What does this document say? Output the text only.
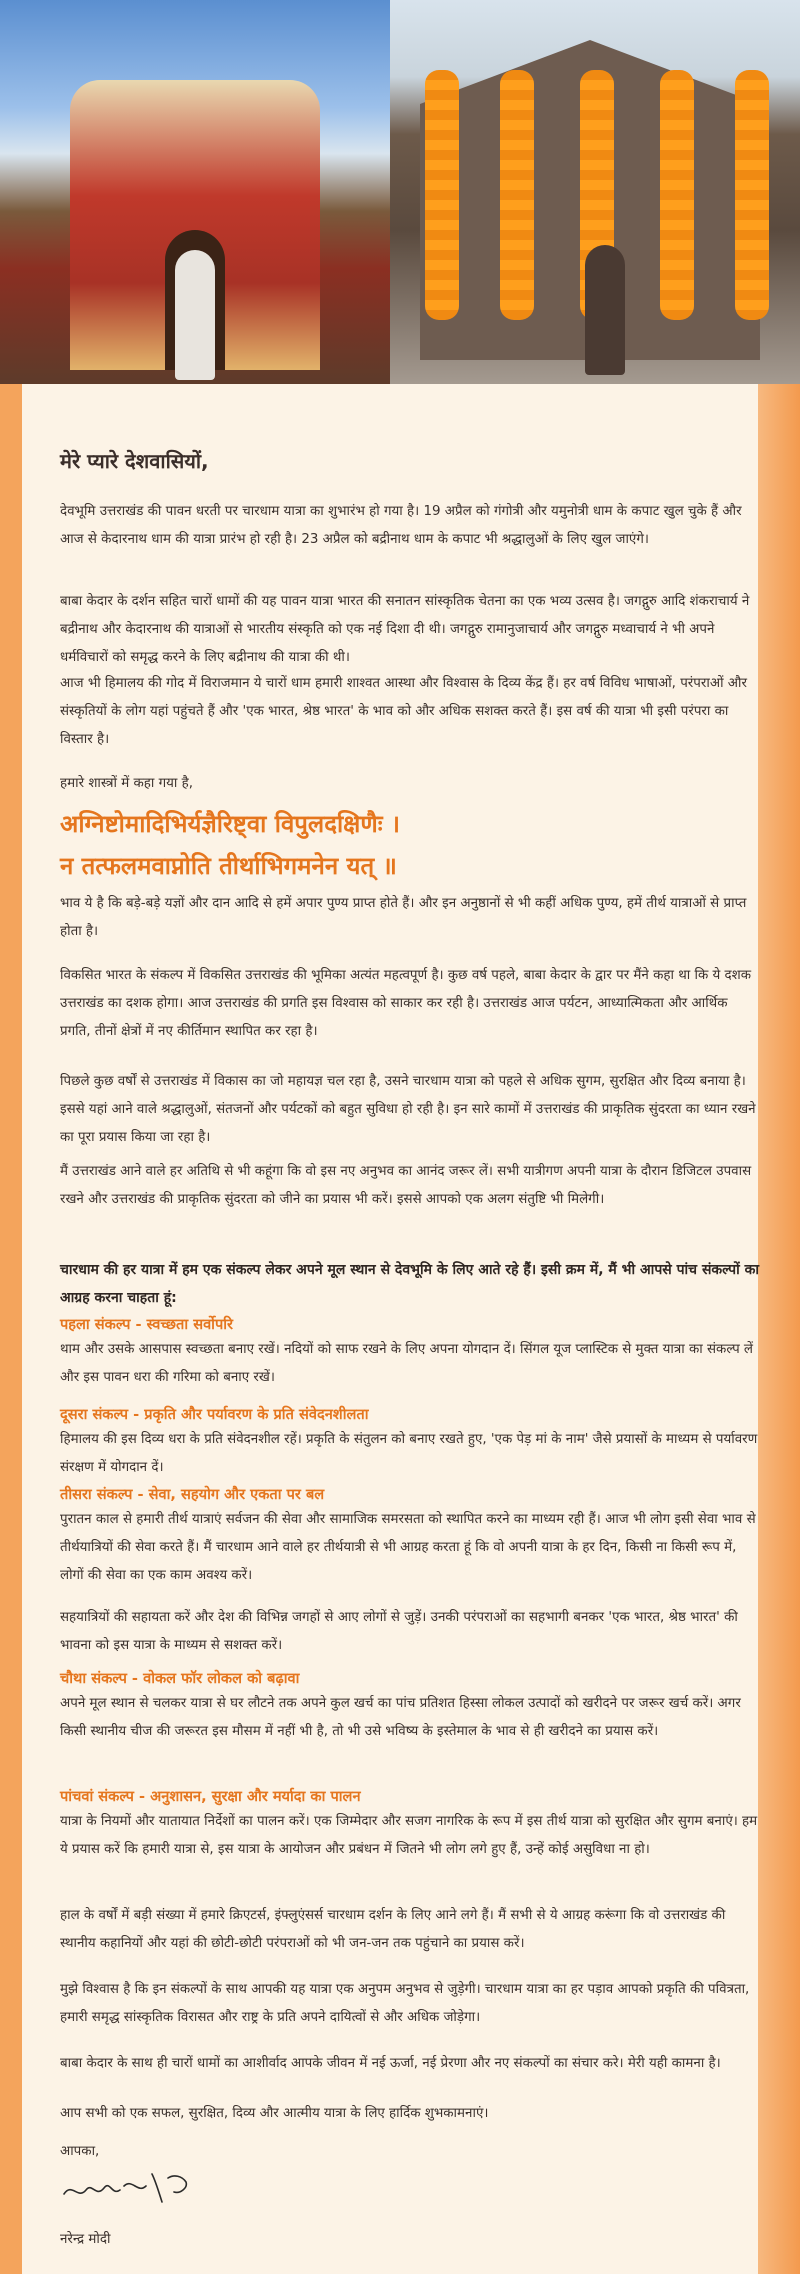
मेरे प्यारे देशवासियों,

देवभूमि उत्तराखंड की पावन धरती पर चारधाम यात्रा का शुभारंभ हो गया है। 19 अप्रैल को गंगोत्री और यमुनोत्री धाम के कपाट खुल चुके हैं और आज से केदारनाथ धाम की यात्रा प्रारंभ हो रही है। 23 अप्रैल को बद्रीनाथ धाम के कपाट भी श्रद्धालुओं के लिए खुल जाएंगे।

बाबा केदार के दर्शन सहित चारों धामों की यह पावन यात्रा भारत की सनातन सांस्कृतिक चेतना का एक भव्य उत्सव है। जगद्गुरु आदि शंकराचार्य ने बद्रीनाथ और केदारनाथ की यात्राओं से भारतीय संस्कृति को एक नई दिशा दी थी। जगद्गुरु रामानुजाचार्य और जगद्गुरु मध्वाचार्य ने भी अपने धर्मविचारों को समृद्ध करने के लिए बद्रीनाथ की यात्रा की थी।

आज भी हिमालय की गोद में विराजमान ये चारों धाम हमारी शाश्वत आस्था और विश्वास के दिव्य केंद्र हैं। हर वर्ष विविध भाषाओं, परंपराओं और संस्कृतियों के लोग यहां पहुंचते हैं और 'एक भारत, श्रेष्ठ भारत' के भाव को और अधिक सशक्त करते हैं। इस वर्ष की यात्रा भी इसी परंपरा का विस्तार है।

हमारे शास्त्रों में कहा गया है,

अग्निष्टोमादिभिर्यज्ञैरिष्ट्वा विपुलदक्षिणैः ।
न तत्फलमवाप्नोति तीर्थाभिगमनेन यत् ॥

भाव ये है कि बड़े-बड़े यज्ञों और दान आदि से हमें अपार पुण्य प्राप्त होते हैं। और इन अनुष्ठानों से भी कहीं अधिक पुण्य, हमें तीर्थ यात्राओं से प्राप्त होता है।

विकसित भारत के संकल्प में विकसित उत्तराखंड की भूमिका अत्यंत महत्वपूर्ण है। कुछ वर्ष पहले, बाबा केदार के द्वार पर मैंने कहा था कि ये दशक उत्तराखंड का दशक होगा। आज उत्तराखंड की प्रगति इस विश्वास को साकार कर रही है। उत्तराखंड आज पर्यटन, आध्यात्मिकता और आर्थिक प्रगति, तीनों क्षेत्रों में नए कीर्तिमान स्थापित कर रहा है।

पिछले कुछ वर्षों से उत्तराखंड में विकास का जो महायज्ञ चल रहा है, उसने चारधाम यात्रा को पहले से अधिक सुगम, सुरक्षित और दिव्य बनाया है। इससे यहां आने वाले श्रद्धालुओं, संतजनों और पर्यटकों को बहुत सुविधा हो रही है। इन सारे कामों में उत्तराखंड की प्राकृतिक सुंदरता का ध्यान रखने का पूरा प्रयास किया जा रहा है।

मैं उत्तराखंड आने वाले हर अतिथि से भी कहूंगा कि वो इस नए अनुभव का आनंद जरूर लें। सभी यात्रीगण अपनी यात्रा के दौरान डिजिटल उपवास रखने और उत्तराखंड की प्राकृतिक सुंदरता को जीने का प्रयास भी करें। इससे आपको एक अलग संतुष्टि भी मिलेगी।

चारधाम की हर यात्रा में हम एक संकल्प लेकर अपने मूल स्थान से देवभूमि के लिए आते रहे हैं। इसी क्रम में, मैं भी आपसे पांच संकल्पों का आग्रह करना चाहता हूं:

पहला संकल्प - स्वच्छता सर्वोपरि

थाम और उसके आसपास स्वच्छता बनाए रखें। नदियों को साफ रखने के लिए अपना योगदान दें। सिंगल यूज प्लास्टिक से मुक्त यात्रा का संकल्प लें और इस पावन धरा की गरिमा को बनाए रखें।

दूसरा संकल्प - प्रकृति और पर्यावरण के प्रति संवेदनशीलता

हिमालय की इस दिव्य धरा के प्रति संवेदनशील रहें। प्रकृति के संतुलन को बनाए रखते हुए, 'एक पेड़ मां के नाम' जैसे प्रयासों के माध्यम से पर्यावरण संरक्षण में योगदान दें।

तीसरा संकल्प - सेवा, सहयोग और एकता पर बल

पुरातन काल से हमारी तीर्थ यात्राएं सर्वजन की सेवा और सामाजिक समरसता को स्थापित करने का माध्यम रही हैं। आज भी लोग इसी सेवा भाव से तीर्थयात्रियों की सेवा करते हैं। मैं चारधाम आने वाले हर तीर्थयात्री से भी आग्रह करता हूं कि वो अपनी यात्रा के हर दिन, किसी ना किसी रूप में, लोगों की सेवा का एक काम अवश्य करें।

सहयात्रियों की सहायता करें और देश की विभिन्न जगहों से आए लोगों से जुड़ें। उनकी परंपराओं का सहभागी बनकर 'एक भारत, श्रेष्ठ भारत' की भावना को इस यात्रा के माध्यम से सशक्त करें।

चौथा संकल्प - वोकल फॉर लोकल को बढ़ावा

अपने मूल स्थान से चलकर यात्रा से घर लौटने तक अपने कुल खर्च का पांच प्रतिशत हिस्सा लोकल उत्पादों को खरीदने पर जरूर खर्च करें। अगर किसी स्थानीय चीज की जरूरत इस मौसम में नहीं भी है, तो भी उसे भविष्य के इस्तेमाल के भाव से ही खरीदने का प्रयास करें।

पांचवां संकल्प - अनुशासन, सुरक्षा और मर्यादा का पालन

यात्रा के नियमों और यातायात निर्देशों का पालन करें। एक जिम्मेदार और सजग नागरिक के रूप में इस तीर्थ यात्रा को सुरक्षित और सुगम बनाएं। हम ये प्रयास करें कि हमारी यात्रा से, इस यात्रा के आयोजन और प्रबंधन में जितने भी लोग लगे हुए हैं, उन्हें कोई असुविधा ना हो।

हाल के वर्षों में बड़ी संख्या में हमारे क्रिएटर्स, इंफ्लुएंसर्स चारधाम दर्शन के लिए आने लगे हैं। मैं सभी से ये आग्रह करूंगा कि वो उत्तराखंड की स्थानीय कहानियों और यहां की छोटी-छोटी परंपराओं को भी जन-जन तक पहुंचाने का प्रयास करें।

मुझे विश्वास है कि इन संकल्पों के साथ आपकी यह यात्रा एक अनुपम अनुभव से जुड़ेगी। चारधाम यात्रा का हर पड़ाव आपको प्रकृति की पवित्रता, हमारी समृद्ध सांस्कृतिक विरासत और राष्ट्र के प्रति अपने दायित्वों से और अधिक जोड़ेगा।

बाबा केदार के साथ ही चारों धामों का आशीर्वाद आपके जीवन में नई ऊर्जा, नई प्रेरणा और नए संकल्पों का संचार करे। मेरी यही कामना है।

आप सभी को एक सफल, सुरक्षित, दिव्य और आत्मीय यात्रा के लिए हार्दिक शुभकामनाएं।

आपका,
नरेन्द्र मोदी
